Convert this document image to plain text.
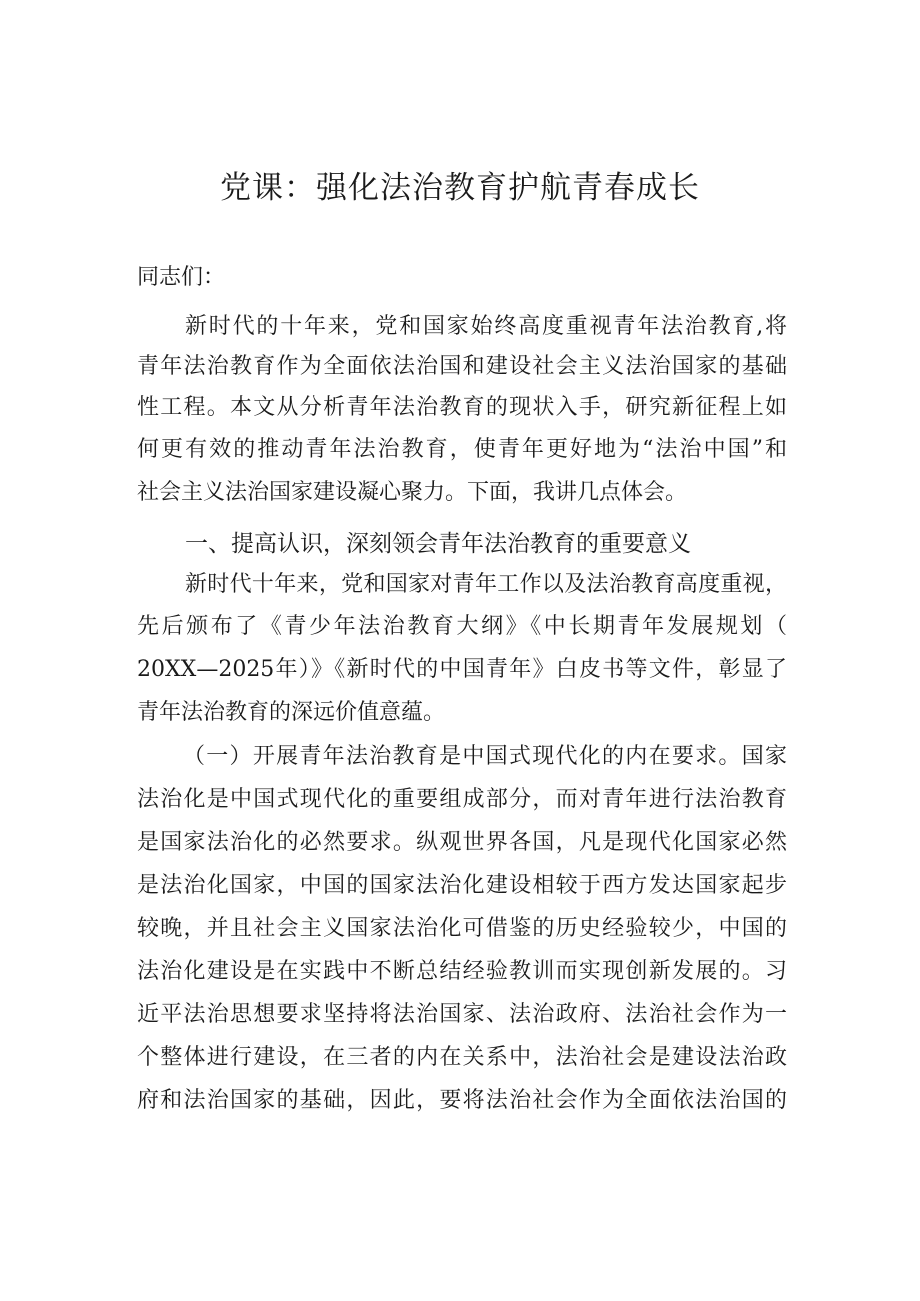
党课：强化法治教育护航青春成长
同志们：
新时代的十年来，党和国家始终高度重视青年法治教育,将
青年法治教育作为全面依法治国和建设社会主义法治国家的基础
性工程。本文从分析青年法治教育的现状入手，研究新征程上如
何更有效的推动青年法治教育，使青年更好地为“法治中国”和
社会主义法治国家建设凝心聚力。下面，我讲几点体会。
一、提高认识，深刻领会青年法治教育的重要意义
新时代十年来，党和国家对青年工作以及法治教育高度重视，
先后颁布了《青少年法治教育大纲》《中长期青年发展规划（
20XX—2025年）》《新时代的中国青年》白皮书等文件，彰显了
青年法治教育的深远价值意蕴。
（一）开展青年法治教育是中国式现代化的内在要求。国家
法治化是中国式现代化的重要组成部分，而对青年进行法治教育
是国家法治化的必然要求。纵观世界各国，凡是现代化国家必然
是法治化国家，中国的国家法治化建设相较于西方发达国家起步
较晚，并且社会主义国家法治化可借鉴的历史经验较少，中国的
法治化建设是在实践中不断总结经验教训而实现创新发展的。习
近平法治思想要求坚持将法治国家、法治政府、法治社会作为一
个整体进行建设，在三者的内在关系中，法治社会是建设法治政
府和法治国家的基础，因此，要将法治社会作为全面依法治国的
